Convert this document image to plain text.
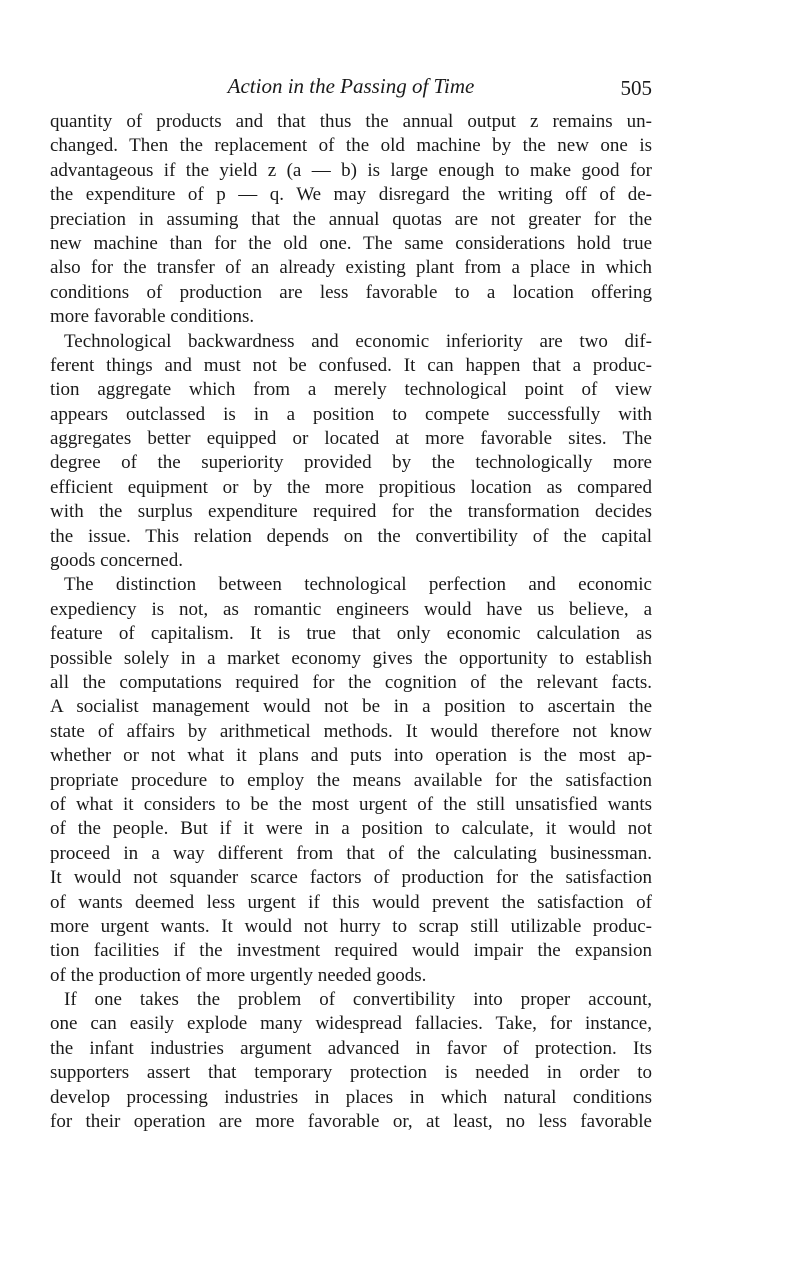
Action in the Passing of Time	505
quantity of products and that thus the annual output z remains un-
changed. Then the replacement of the old machine by the new one is
advantageous if the yield z (a — b) is large enough to make good for
the expenditure of p — q. We may disregard the writing off of de-
preciation in assuming that the annual quotas are not greater for the
new machine than for the old one. The same considerations hold true
also for the transfer of an already existing plant from a place in which
conditions of production are less favorable to a location offering
more favorable conditions.
Technological backwardness and economic inferiority are two dif-
ferent things and must not be confused. It can happen that a produc-
tion aggregate which from a merely technological point of view
appears outclassed is in a position to compete successfully with
aggregates better equipped or located at more favorable sites. The
degree of the superiority provided by the technologically more
efficient equipment or by the more propitious location as compared
with the surplus expenditure required for the transformation decides
the issue. This relation depends on the convertibility of the capital
goods concerned.
The distinction between technological perfection and economic
expediency is not, as romantic engineers would have us believe, a
feature of capitalism. It is true that only economic calculation as
possible solely in a market economy gives the opportunity to establish
all the computations required for the cognition of the relevant facts.
A socialist management would not be in a position to ascertain the
state of affairs by arithmetical methods. It would therefore not know
whether or not what it plans and puts into operation is the most ap-
propriate procedure to employ the means available for the satisfaction
of what it considers to be the most urgent of the still unsatisfied wants
of the people. But if it were in a position to calculate, it would not
proceed in a way different from that of the calculating businessman.
It would not squander scarce factors of production for the satisfaction
of wants deemed less urgent if this would prevent the satisfaction of
more urgent wants. It would not hurry to scrap still utilizable produc-
tion facilities if the investment required would impair the expansion
of the production of more urgently needed goods.
If one takes the problem of convertibility into proper account,
one can easily explode many widespread fallacies. Take, for instance,
the infant industries argument advanced in favor of protection. Its
supporters assert that temporary protection is needed in order to
develop processing industries in places in which natural conditions
for their operation are more favorable or, at least, no less favorable
